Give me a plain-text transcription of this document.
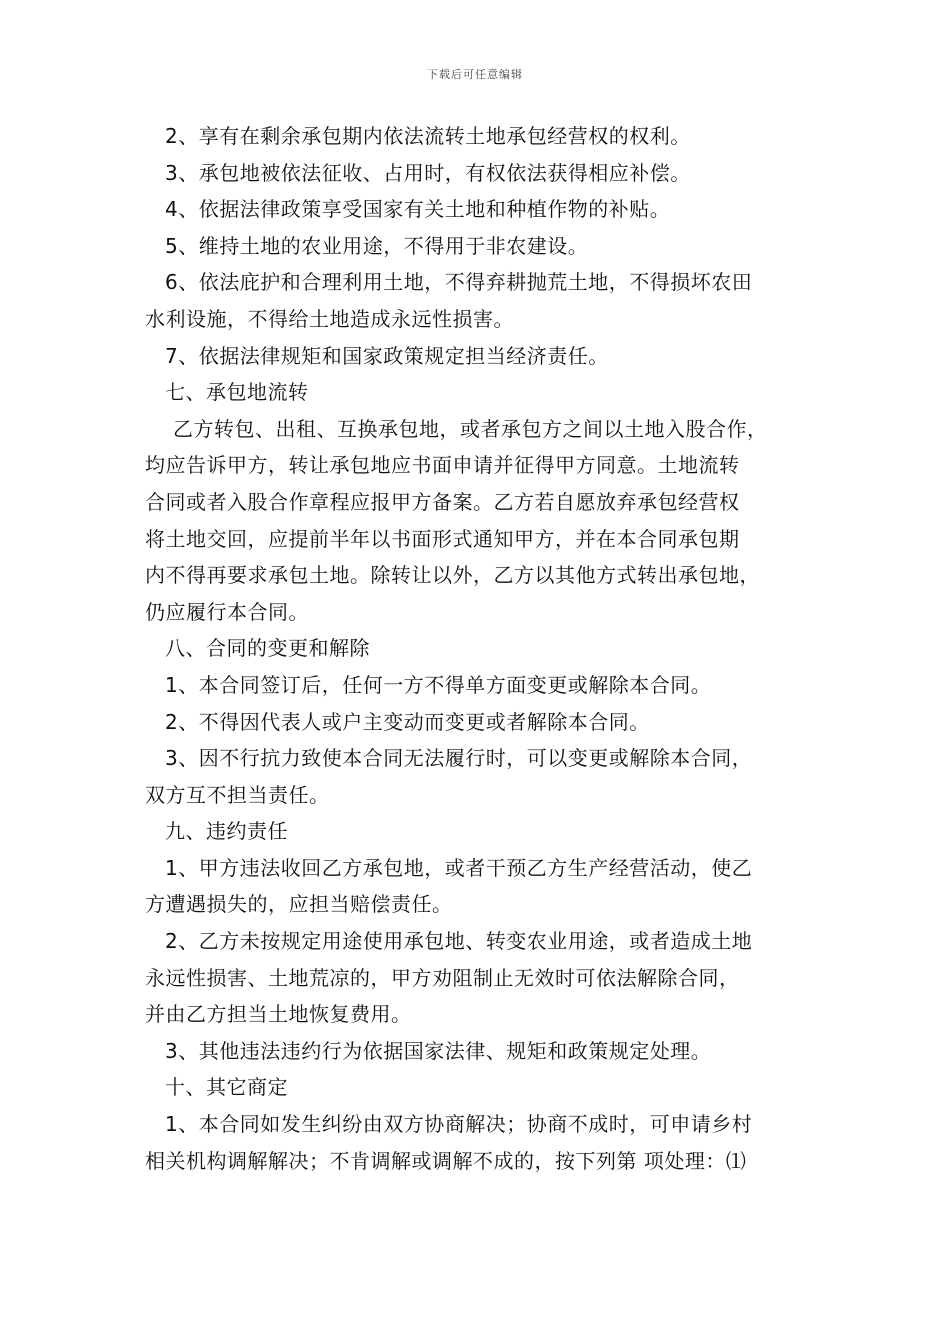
下载后可任意编辑
2、享有在剩余承包期内依法流转土地承包经营权的权利。
3、承包地被依法征收、占用时，有权依法获得相应补偿。
4、依据法律政策享受国家有关土地和种植作物的补贴。
5、维持土地的农业用途，不得用于非农建设。
6、依法庇护和合理利用土地，不得弃耕抛荒土地，不得损坏农田
水利设施，不得给土地造成永远性损害。
7、依据法律规矩和国家政策规定担当经济责任。
七、承包地流转
乙方转包、出租、互换承包地，或者承包方之间以土地入股合作，
均应告诉甲方，转让承包地应书面申请并征得甲方同意。土地流转
合同或者入股合作章程应报甲方备案。乙方若自愿放弃承包经营权
将土地交回，应提前半年以书面形式通知甲方，并在本合同承包期
内不得再要求承包土地。除转让以外，乙方以其他方式转出承包地，
仍应履行本合同。
八、合同的变更和解除
1、本合同签订后，任何一方不得单方面变更或解除本合同。
2、不得因代表人或户主变动而变更或者解除本合同。
3、因不行抗力致使本合同无法履行时，可以变更或解除本合同，
双方互不担当责任。
九、违约责任
1、甲方违法收回乙方承包地，或者干预乙方生产经营活动，使乙
方遭遇损失的，应担当赔偿责任。
2、乙方未按规定用途使用承包地、转变农业用途，或者造成土地
永远性损害、土地荒凉的，甲方劝阻制止无效时可依法解除合同，
并由乙方担当土地恢复费用。
3、其他违法违约行为依据国家法律、规矩和政策规定处理。
十、其它商定
1、本合同如发生纠纷由双方协商解决；协商不成时，可申请乡村
相关机构调解解决；不肯调解或调解不成的，按下列第 项处理：⑴
